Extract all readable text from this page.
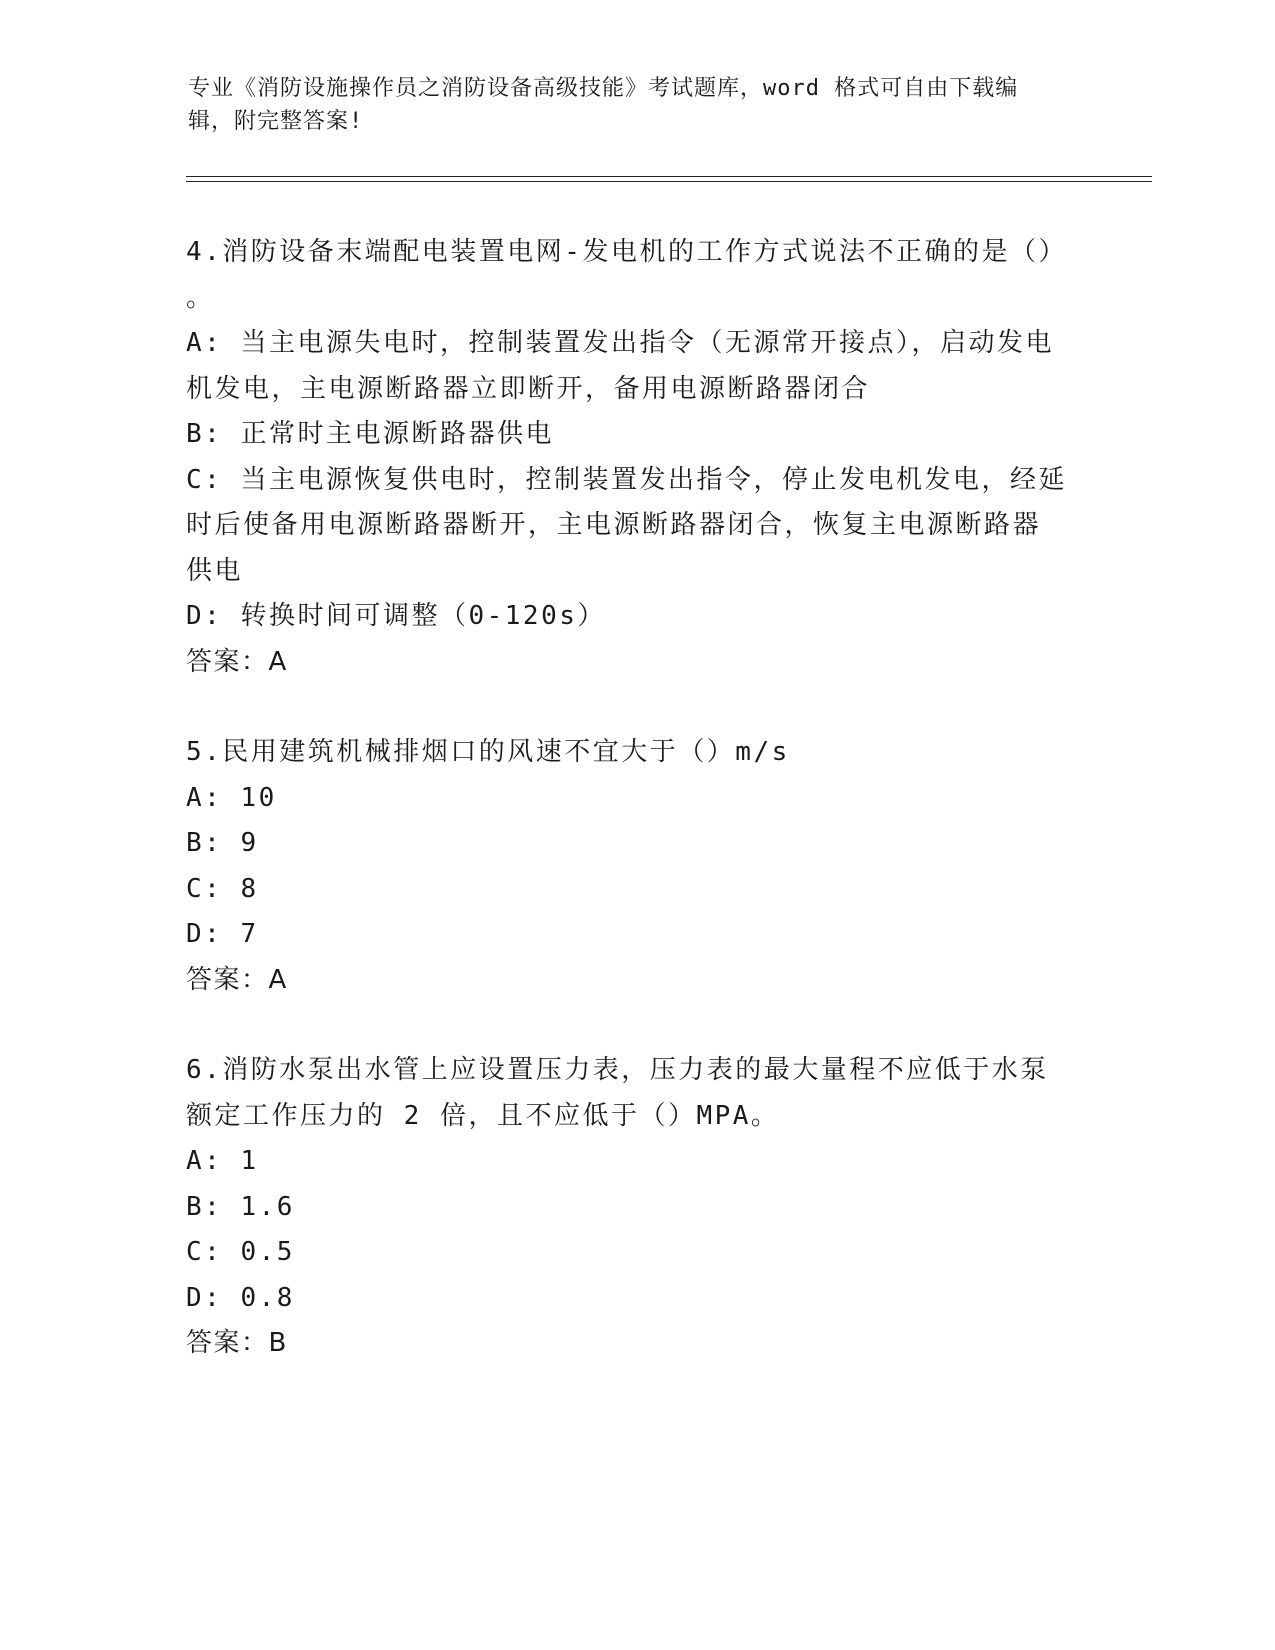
专业《消防设施操作员之消防设备高级技能》考试题库，word 格式可自由下载编
辑，附完整答案!

4.消防设备末端配电装置电网-发电机的工作方式说法不正确的是（）

。

A: 当主电源失电时，控制装置发出指令（无源常开接点），启动发电

机发电，主电源断路器立即断开，备用电源断路器闭合

B: 正常时主电源断路器供电

C: 当主电源恢复供电时，控制装置发出指令，停止发电机发电，经延

时后使备用电源断路器断开，主电源断路器闭合，恢复主电源断路器

供电

D: 转换时间可调整（0-120s）

答案：A

5.民用建筑机械排烟口的风速不宜大于（）m/s

A: 10

B: 9

C: 8

D: 7

答案：A

6.消防水泵出水管上应设置压力表，压力表的最大量程不应低于水泵

额定工作压力的 2 倍，且不应低于（）MPA。

A: 1

B: 1.6

C: 0.5

D: 0.8

答案：B
